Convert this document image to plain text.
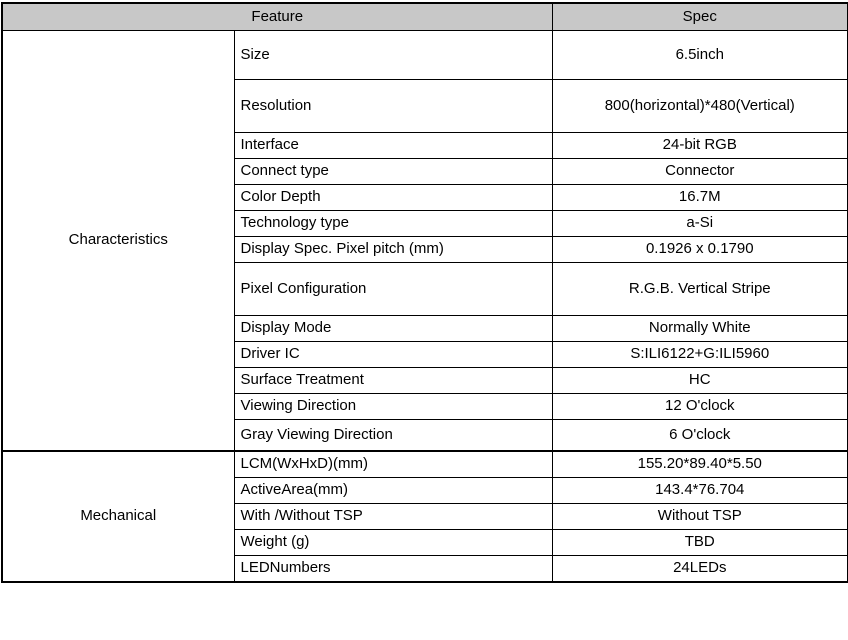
Feature		Spec
Characteristics	Size	6.5inch
	Resolution	800(horizontal)*480(Vertical)
	Interface	24-bit RGB
	Connect type	Connector
	Color Depth	16.7M
	Technology type	a-Si
	Display Spec. Pixel pitch (mm)	0.1926 x 0.1790
	Pixel Configuration	R.G.B. Vertical Stripe
	Display Mode	Normally White
	Driver IC	S:ILI6122+G:ILI5960
	Surface Treatment	HC
	Viewing Direction	12 O'clock
	Gray Viewing Direction	6 O'clock
Mechanical	LCM(WxHxD)(mm)	155.20*89.40*5.50
	ActiveArea(mm)	143.4*76.704
	With /Without TSP	Without TSP
	Weight (g)	TBD
	LEDNumbers	24LEDs
